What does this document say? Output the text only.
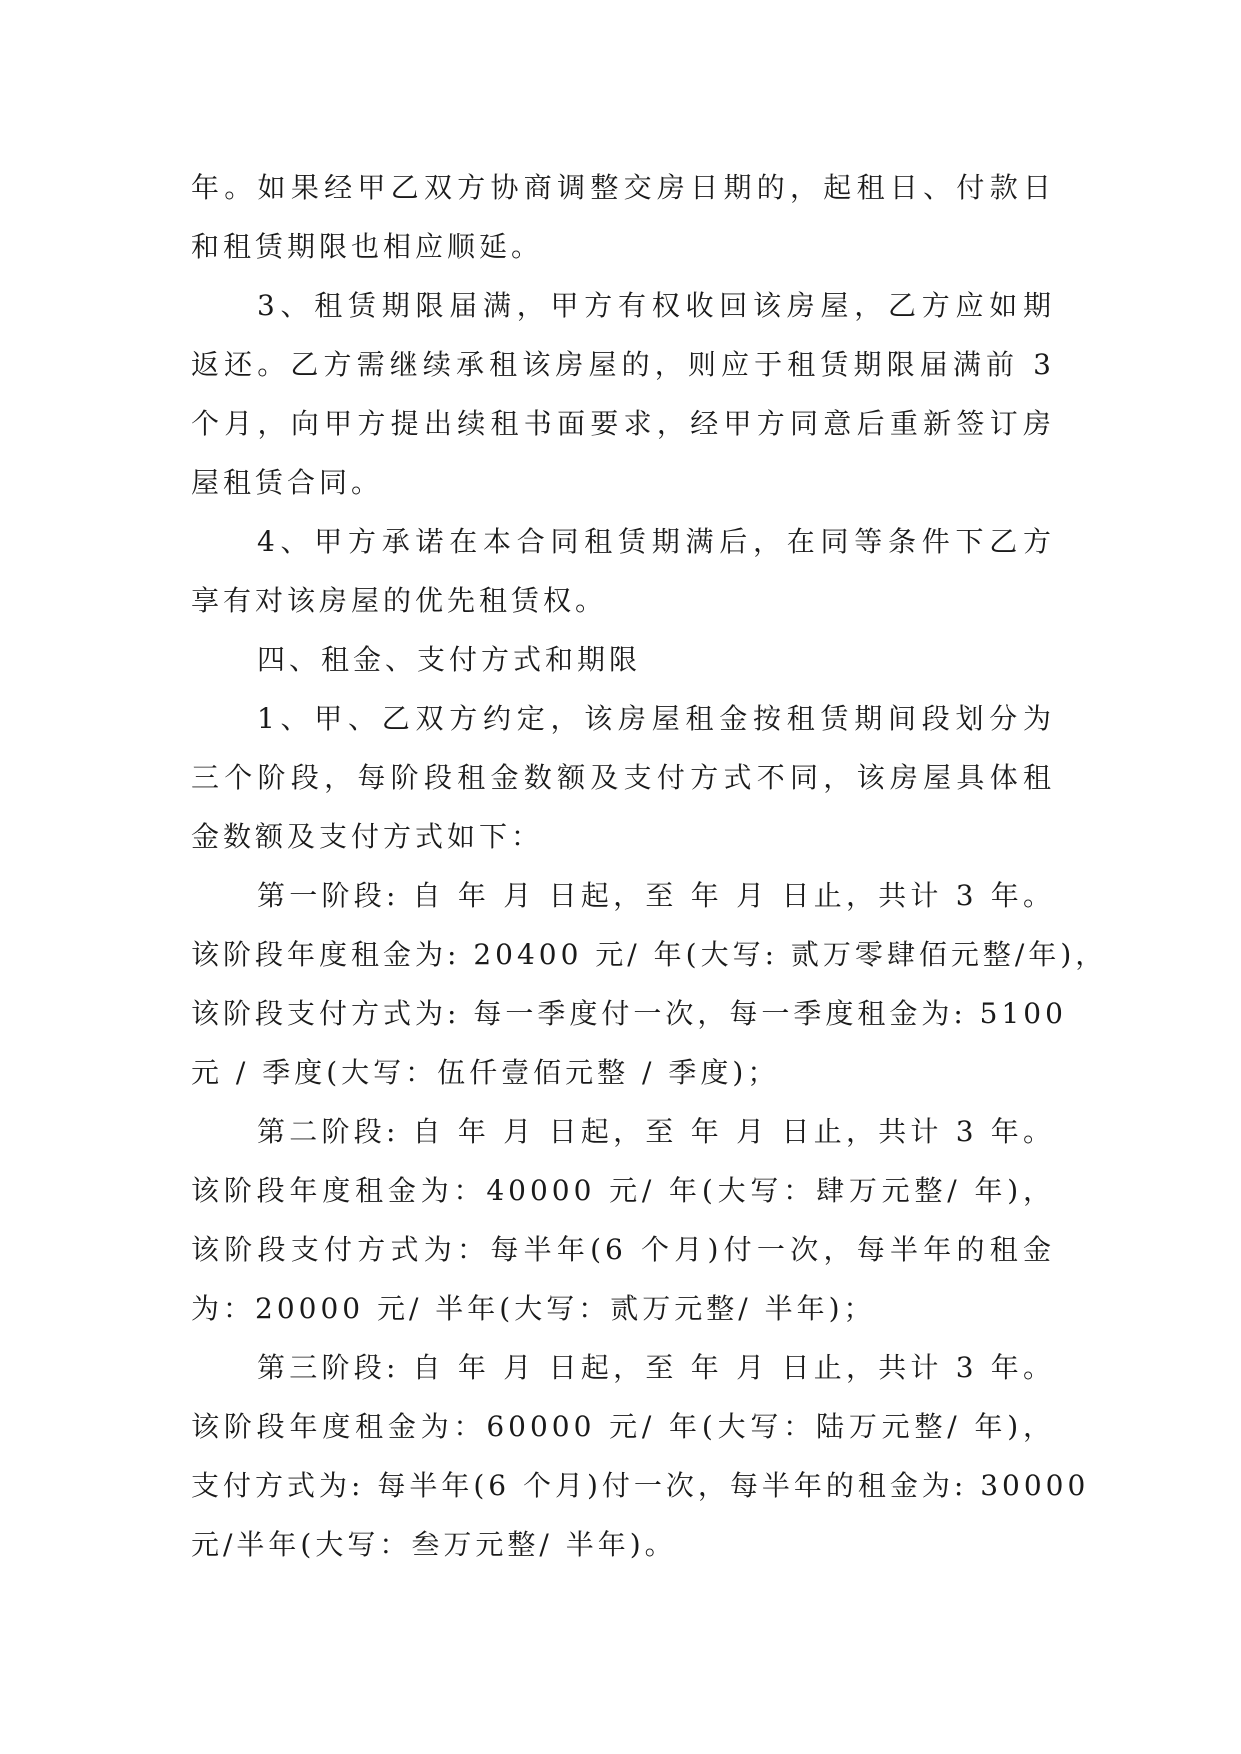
年。如果经甲乙双方协商调整交房日期的，起租日、付款日
和租赁期限也相应顺延。
3、租赁期限届满，甲方有权收回该房屋，乙方应如期
返还。乙方需继续承租该房屋的，则应于租赁期限届满前 3
个月，向甲方提出续租书面要求，经甲方同意后重新签订房
屋租赁合同。
4、甲方承诺在本合同租赁期满后，在同等条件下乙方
享有对该房屋的优先租赁权。
四、租金、支付方式和期限
1、甲、乙双方约定，该房屋租金按租赁期间段划分为
三个阶段，每阶段租金数额及支付方式不同，该房屋具体租
金数额及支付方式如下：
第一阶段: 自 年 月 日起，至 年 月 日止，共计 3 年。
该阶段年度租金为: 20400 元/ 年(大写: 贰万零肆佰元整/年)，
该阶段支付方式为: 每一季度付一次，每一季度租金为: 5100
元 / 季度(大写：伍仟壹佰元整 / 季度)；
第二阶段: 自 年 月 日起，至 年 月 日止，共计 3 年。
该阶段年度租金为：40000 元/ 年(大写：肆万元整/ 年)，
该阶段支付方式为：每半年(6 个月)付一次，每半年的租金
为：20000 元/ 半年(大写：贰万元整/ 半年)；
第三阶段: 自 年 月 日起，至 年 月 日止，共计 3 年。
该阶段年度租金为：60000 元/ 年(大写：陆万元整/ 年)，
支付方式为: 每半年(6 个月)付一次，每半年的租金为: 30000
元/半年(大写：叁万元整/ 半年)。
